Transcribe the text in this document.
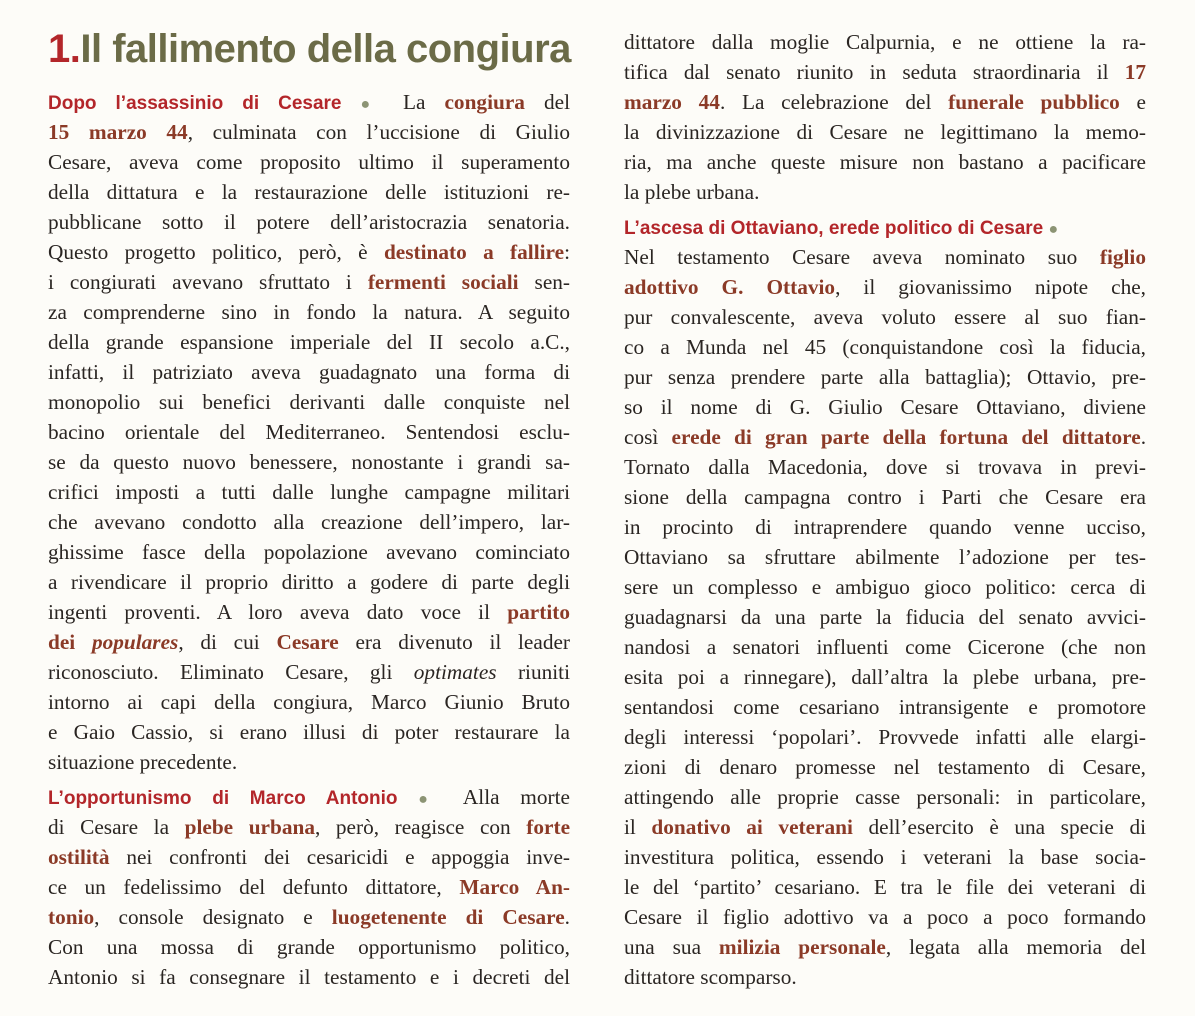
1.Il fallimento della congiura
Dopo l’assassinio di Cesare ● La congiura del
15 marzo 44, culminata con l’uccisione di Giulio
Cesare, aveva come proposito ultimo il superamento
della dittatura e la restaurazione delle istituzioni re-
pubblicane sotto il potere dell’aristocrazia senatoria.
Questo progetto politico, però, è destinato a fallire:
i congiurati avevano sfruttato i fermenti sociali sen-
za comprenderne sino in fondo la natura. A seguito
della grande espansione imperiale del II secolo a.C.,
infatti, il patriziato aveva guadagnato una forma di
monopolio sui benefici derivanti dalle conquiste nel
bacino orientale del Mediterraneo. Sentendosi esclu-
se da questo nuovo benessere, nonostante i grandi sa-
crifici imposti a tutti dalle lunghe campagne militari
che avevano condotto alla creazione dell’impero, lar-
ghissime fasce della popolazione avevano cominciato
a rivendicare il proprio diritto a godere di parte degli
ingenti proventi. A loro aveva dato voce il partito
dei populares, di cui Cesare era divenuto il leader
riconosciuto. Eliminato Cesare, gli optimates riuniti
intorno ai capi della congiura, Marco Giunio Bruto
e Gaio Cassio, si erano illusi di poter restaurare la
situazione precedente.
L’opportunismo di Marco Antonio ● Alla morte
di Cesare la plebe urbana, però, reagisce con forte
ostilità nei confronti dei cesaricidi e appoggia inve-
ce un fedelissimo del defunto dittatore, Marco An-
tonio, console designato e luogetenente di Cesare.
Con una mossa di grande opportunismo politico,
Antonio si fa consegnare il testamento e i decreti del
dittatore dalla moglie Calpurnia, e ne ottiene la ra-
tifica dal senato riunito in seduta straordinaria il 17
marzo 44. La celebrazione del funerale pubblico e
la divinizzazione di Cesare ne legittimano la memo-
ria, ma anche queste misure non bastano a pacificare
la plebe urbana.
L’ascesa di Ottaviano, erede politico di Cesare ●
Nel testamento Cesare aveva nominato suo figlio
adottivo G. Ottavio, il giovanissimo nipote che,
pur convalescente, aveva voluto essere al suo fian-
co a Munda nel 45 (conquistandone così la fiducia,
pur senza prendere parte alla battaglia); Ottavio, pre-
so il nome di G. Giulio Cesare Ottaviano, diviene
così erede di gran parte della fortuna del dittatore.
Tornato dalla Macedonia, dove si trovava in previ-
sione della campagna contro i Parti che Cesare era
in procinto di intraprendere quando venne ucciso,
Ottaviano sa sfruttare abilmente l’adozione per tes-
sere un complesso e ambiguo gioco politico: cerca di
guadagnarsi da una parte la fiducia del senato avvici-
nandosi a senatori influenti come Cicerone (che non
esita poi a rinnegare), dall’altra la plebe urbana, pre-
sentandosi come cesariano intransigente e promotore
degli interessi ‘popolari’. Provvede infatti alle elargi-
zioni di denaro promesse nel testamento di Cesare,
attingendo alle proprie casse personali: in particolare,
il donativo ai veterani dell’esercito è una specie di
investitura politica, essendo i veterani la base socia-
le del ‘partito’ cesariano. E tra le file dei veterani di
Cesare il figlio adottivo va a poco a poco formando
una sua milizia personale, legata alla memoria del
dittatore scomparso.
